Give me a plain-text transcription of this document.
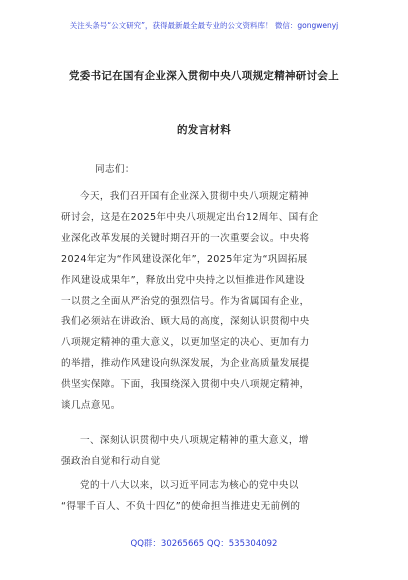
关注头条号“公文研究”，获得最新最全最专业的公文资料库！ 微信：gongwenyj
党委书记在国有企业深入贯彻中央八项规定精神研讨会上
的发言材料
同志们：
今天，我们召开国有企业深入贯彻中央八项规定精神
研讨会，这是在2025年中央八项规定出台12周年、国有企
业深化改革发展的关键时期召开的一次重要会议。中央将
2024年定为“作风建设深化年”，2025年定为“巩固拓展
作风建设成果年”，释放出党中央持之以恒推进作风建设
一以贯之全面从严治党的强烈信号。作为省属国有企业，
我们必须站在讲政治、顾大局的高度，深刻认识贯彻中央
八项规定精神的重大意义，以更加坚定的决心、更加有力
的举措，推动作风建设向纵深发展，为企业高质量发展提
供坚实保障。下面，我围绕深入贯彻中央八项规定精神，
谈几点意见。
一、深刻认识贯彻中央八项规定精神的重大意义，增
强政治自觉和行动自觉
党的十八大以来，以习近平同志为核心的党中央以
“得罪千百人、不负十四亿”的使命担当推进史无前例的
QQ群：30265665 QQ：535304092
